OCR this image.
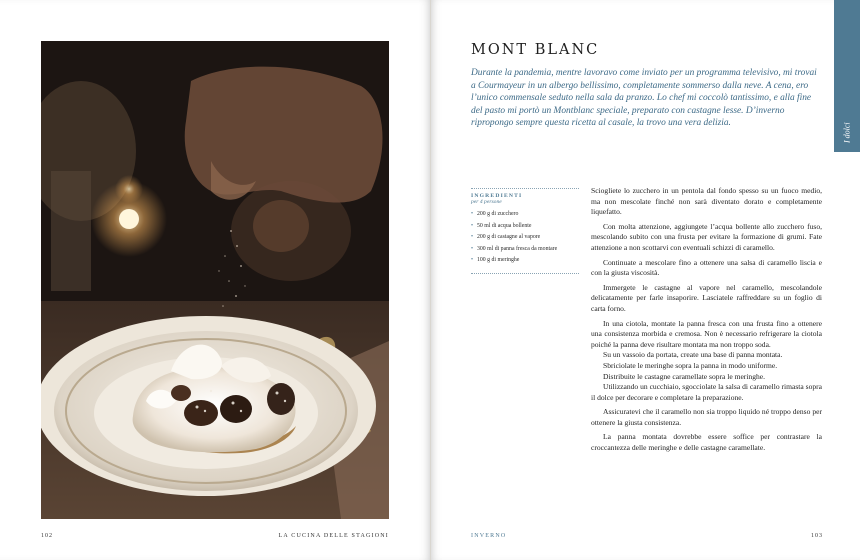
102	LA CUCINA DELLE STAGIONI
I dolci
MONT BLANC
Durante la pandemia, mentre lavoravo come inviato per un programma televisivo, mi trovai a Courmayeur in un albergo bellissimo, completamente sommerso dalla neve. A cena, ero l’unico commensale seduto nella sala da pranzo. Lo chef mi coccolò tantissimo, e alla fine del pasto mi portò un Montblanc speciale, preparato con castagne lesse. D’inverno ripropongo sempre questa ricetta al casale, la trovo una vera delizia.
INGREDIENTI
per 4 persone
• 200 g di zucchero
• 50 ml di acqua bollente
• 200 g di castagne al vapore
• 300 ml di panna fresca da montare
• 100 g di meringhe

Sciogliete lo zucchero in un pentola dal fondo spesso su un fuoco medio, ma non mescolate finché non sarà diventato dorato e completamente liquefatto.

Con molta attenzione, aggiungete l’acqua bollente allo zucchero fuso, mescolando subito con una frusta per evitare la formazione di grumi. Fate attenzione a non scottarvi con eventuali schizzi di caramello.

Continuate a mescolare fino a ottenere una salsa di caramello liscia e con la giusta viscosità.

Immergete le castagne al vapore nel caramello, mescolandole delicatamente per farle insaporire. Lasciatele raffreddare su un foglio di carta forno.

In una ciotola, montate la panna fresca con una frusta fino a ottenere una consistenza morbida e cremosa. Non è necessario refrigerare la ciotola poiché la panna deve risultare montata ma non troppo soda.

Su un vassoio da portata, create una base di panna montata.

Sbriciolate le meringhe sopra la panna in modo uniforme.

Distribuite le castagne caramellate sopra le meringhe.

Utilizzando un cucchiaio, sgocciolate la salsa di caramello rimasta sopra il dolce per decorare e completare la preparazione.

Assicuratevi che il caramello non sia troppo liquido né troppo denso per ottenere la giusta consistenza.

La panna montata dovrebbe essere soffice per contrastare la croccantezza delle meringhe e delle castagne caramellate.

INVERNO	103
